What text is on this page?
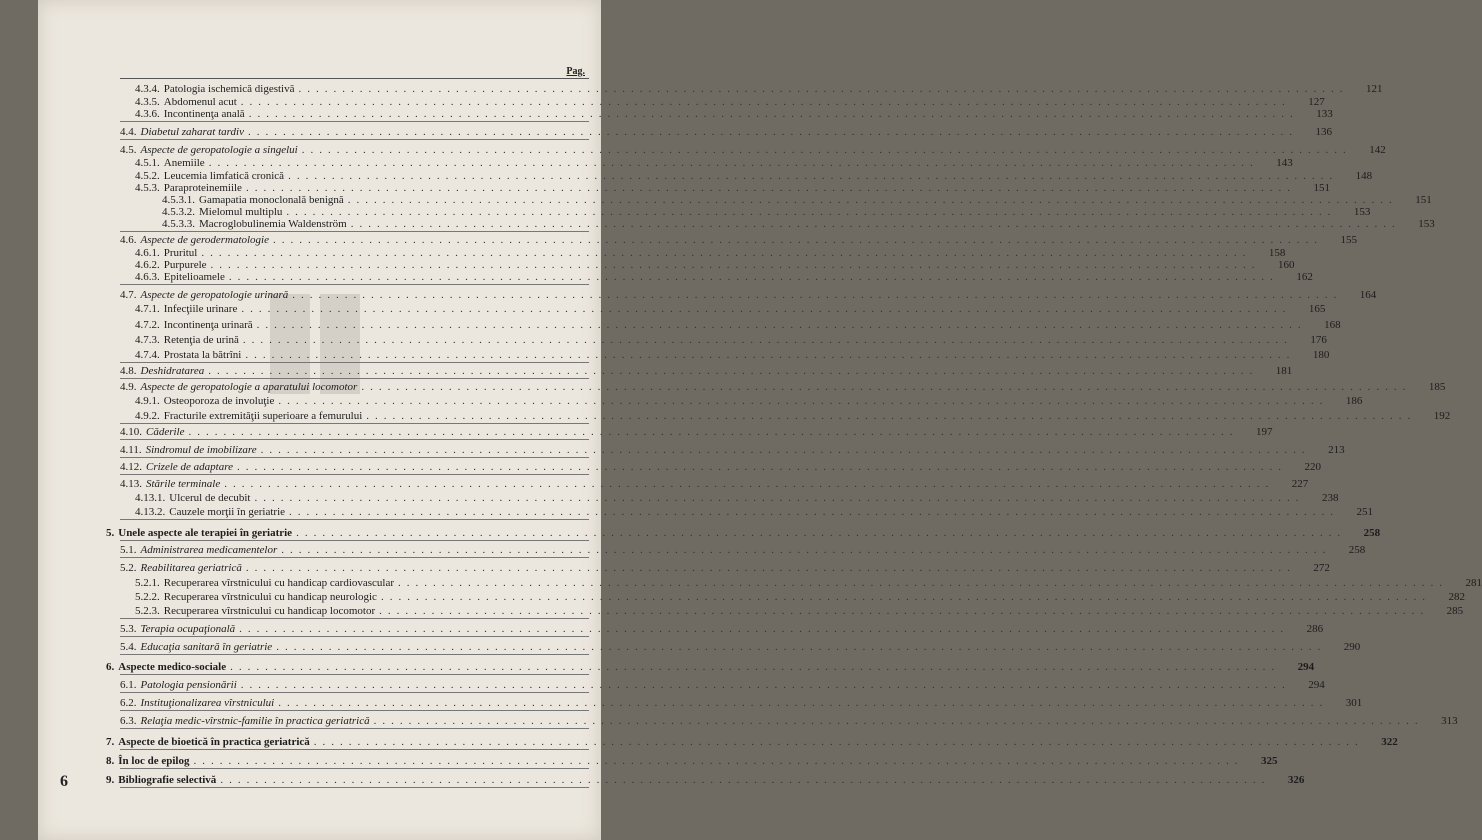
Pag.
4.3.4. Patologia ischemică digestivă ........................................................................................................................	121
4.3.5. Abdomenul acut ........................................................................................................................	127
4.3.6. Incontinenţa anală ........................................................................................................................	133
4.4. Diabetul zaharat tardiv ........................................................................................................................	136
4.5. Aspecte de geropatologie a singelui ........................................................................................................................	142
4.5.1. Anemiile ........................................................................................................................	143
4.5.2. Leucemia limfatică cronică ........................................................................................................................	148
4.5.3. Paraproteinemiile ........................................................................................................................	151
4.5.3.1. Gamapatia monoclonală benignă ........................................................................................................................	151
4.5.3.2. Mielomul multiplu ........................................................................................................................	153
4.5.3.3. Macroglobulinemia Waldenström ........................................................................................................................	153
4.6. Aspecte de gerodermatologie ........................................................................................................................	155
4.6.1. Pruritul ........................................................................................................................	158
4.6.2. Purpurele ........................................................................................................................	160
4.6.3. Epitelioamele ........................................................................................................................	162
4.7. Aspecte de geropatologie urinară ........................................................................................................................	164
4.7.1. Infecţiile urinare ........................................................................................................................	165
4.7.2. Incontinenţa urinară ........................................................................................................................	168
4.7.3. Retenţia de urină ........................................................................................................................	176
4.7.4. Prostata la bătrîni ........................................................................................................................	180
4.8. Deshidratarea ........................................................................................................................	181
4.9. Aspecte de geropatologie a aparatului locomotor ........................................................................................................................	185
4.9.1. Osteoporoza de involuţie ........................................................................................................................	186
4.9.2. Fracturile extremităţii superioare a femurului ........................................................................................................................	192
4.10. Căderile ........................................................................................................................	197
4.11. Sindromul de imobilizare ........................................................................................................................	213
4.12. Crizele de adaptare ........................................................................................................................	220
4.13. Stările terminale ........................................................................................................................	227
4.13.1. Ulcerul de decubit ........................................................................................................................	238
4.13.2. Cauzele morţii în geriatrie ........................................................................................................................	251
5. Unele aspecte ale terapiei în geriatrie ........................................................................................................................	258
5.1. Administrarea medicamentelor ........................................................................................................................	258
5.2. Reabilitarea geriatrică ........................................................................................................................	272
5.2.1. Recuperarea vîrstnicului cu handicap cardiovascular ........................................................................................................................	281
5.2.2. Recuperarea vîrstnicului cu handicap neurologic ........................................................................................................................	282
5.2.3. Recuperarea vîrstnicului cu handicap locomotor ........................................................................................................................	285
5.3. Terapia ocupaţională ........................................................................................................................	286
5.4. Educaţia sanitară în geriatrie ........................................................................................................................	290
6. Aspecte medico-sociale ........................................................................................................................	294
6.1. Patologia pensionării ........................................................................................................................	294
6.2. Instituţionalizarea vîrstnicului ........................................................................................................................	301
6.3. Relaţia medic-vîrstnic-familie în practica geriatrică ........................................................................................................................	313
7. Aspecte de bioetică în practica geriatrică ........................................................................................................................	322
8. În loc de epilog ........................................................................................................................	325
9. Bibliografie selectivă ........................................................................................................................	326
6
